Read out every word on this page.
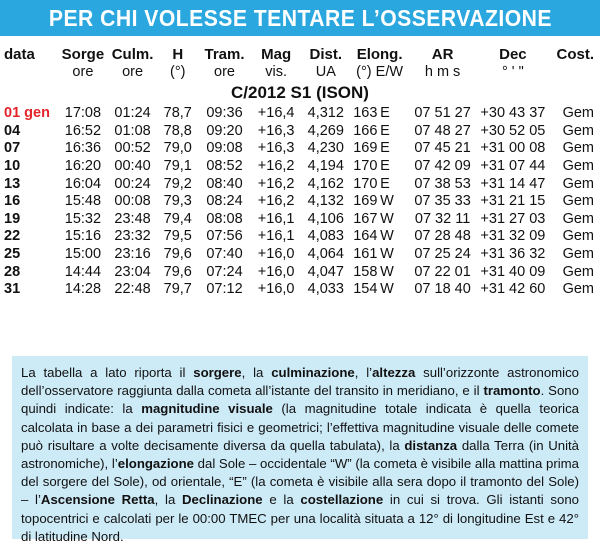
PER CHI VOLESSE TENTARE L’OSSERVAZIONE
data	Sorge	Culm.	H	Tram.	Mag	Dist.	Elong.		AR	Dec	Cost.
	ore	ore	(°)	ore	vis.	UA	(°) E/W		h m s	° ' "	
C/2012 S1 (ISON)											
01 gen	17:08	01:24	78,7	09:36	+16,4	4,312	163	E	07 51 27	+30 43 37	Gem
04	16:52	01:08	78,8	09:20	+16,3	4,269	166	E	07 48 27	+30 52 05	Gem
07	16:36	00:52	79,0	09:08	+16,3	4,230	169	E	07 45 21	+31 00 08	Gem
10	16:20	00:40	79,1	08:52	+16,2	4,194	170	E	07 42 09	+31 07 44	Gem
13	16:04	00:24	79,2	08:40	+16,2	4,162	170	E	07 38 53	+31 14 47	Gem
16	15:48	00:08	79,3	08:24	+16,2	4,132	169	W	07 35 33	+31 21 15	Gem
19	15:32	23:48	79,4	08:08	+16,1	4,106	167	W	07 32 11	+31 27 03	Gem
22	15:16	23:32	79,5	07:56	+16,1	4,083	164	W	07 28 48	+31 32 09	Gem
25	15:00	23:16	79,6	07:40	+16,0	4,064	161	W	07 25 24	+31 36 32	Gem
28	14:44	23:04	79,6	07:24	+16,0	4,047	158	W	07 22 01	+31 40 09	Gem
31	14:28	22:48	79,7	07:12	+16,0	4,033	154	W	07 18 40	+31 42 60	Gem
La tabella a lato riporta il sorgere, la culminazione, l’altezza sull’orizzonte astronomico dell’osservatore raggiunta dalla cometa all’istante del transito in meridiano, e il tramonto. Sono quindi indicate: la magnitudine visuale (la magnitudine totale indicata è quella teorica calcolata in base a dei parametri fisici e geometrici; l’effettiva magnitudine visuale delle comete può risultare a volte decisamente diversa da quella tabulata), la distanza dalla Terra (in Unità astronomiche), l’elongazione dal Sole – occidentale “W” (la cometa è visibile alla mattina prima del sorgere del Sole), od orientale, “E” (la cometa è visibile alla sera dopo il tramonto del Sole) – l’Ascensione Retta, la Declinazione e la costellazione in cui si trova. Gli istanti sono topocentrici e calcolati per le 00:00 TMEC per una località situata a 12° di longitudine Est e 42° di latitudine Nord.
